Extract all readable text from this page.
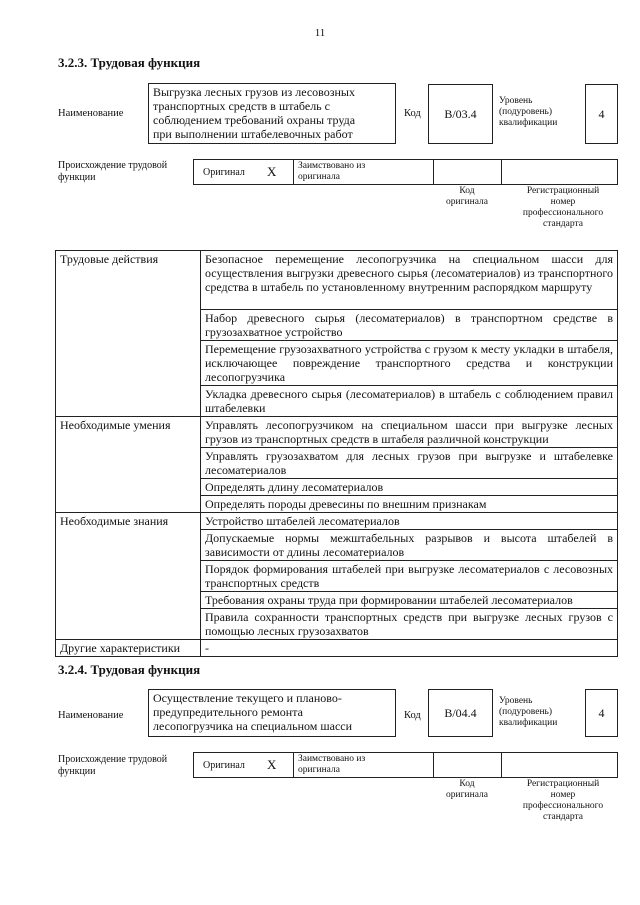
11
3.2.3. Трудовая функция
Наименование
Выгрузка лесных грузов из лесовозных
транспортных средств в штабель с
соблюдением требований охраны труда
при выполнении штабелевочных работ
Код	В/03.4
Уровень
(подуровень)
квалификации
4
Происхождение трудовой
функции	Оригинал X Заимствовано из
оригинала
Код
оригинала
Регистрационный
номер
профессионального
стандарта
Трудовые действия	Безопасное перемещение лесопогрузчика на специальном шасси для осуществления выгрузки древесного сырья (лесоматериалов) из транспортного средства в штабель по установленному внутренним распорядком маршруту
	Набор древесного сырья (лесоматериалов) в транспортном средстве в грузозахватное устройство
	Перемещение грузозахватного устройства с грузом к месту укладки в штабеля, исключающее повреждение транспортного средства и конструкции лесопогрузчика
	Укладка древесного сырья (лесоматериалов) в штабель с соблюдением правил штабелевки
Необходимые умения	Управлять лесопогрузчиком на специальном шасси при выгрузке лесных грузов из транспортных средств в штабеля различной конструкции
	Управлять грузозахватом для лесных грузов при выгрузке и штабелевке лесоматериалов
	Определять длину лесоматериалов
	Определять породы древесины по внешним признакам
Необходимые знания	Устройство штабелей лесоматериалов
	Допускаемые нормы межштабельных разрывов и высота штабелей в зависимости от длины лесоматериалов
	Порядок формирования штабелей при выгрузке лесоматериалов с лесовозных транспортных средств
	Требования охраны труда при формировании штабелей лесоматериалов
	Правила сохранности транспортных средств при выгрузке лесных грузов с помощью лесных грузозахватов
Другие характеристики	-
3.2.4. Трудовая функция
Наименование
Осуществление текущего и планово-
предупредительного ремонта
лесопогрузчика на специальном шасси
Код	В/04.4
Уровень
(подуровень)
квалификации
4
Происхождение трудовой
функции
Оригинал X Заимствовано из
оригинала
Код
оригинала
Регистрационный
номер
профессионального
стандарта
